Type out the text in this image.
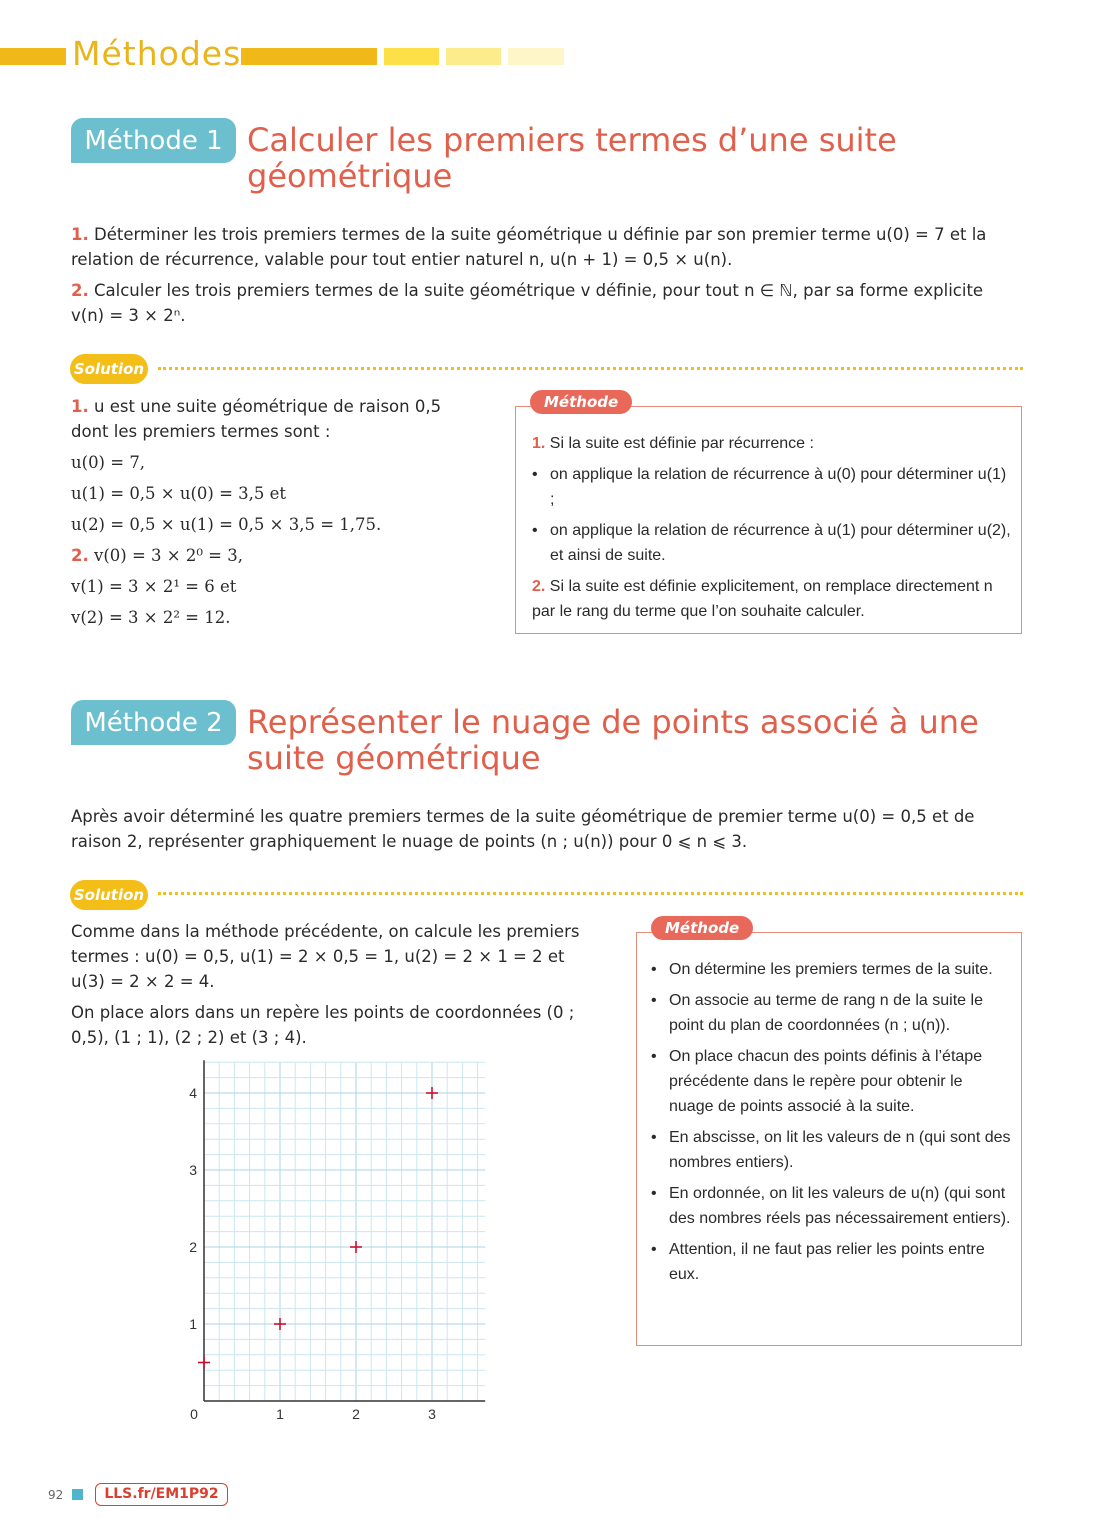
Méthodes
Méthode 1 Calculer les premiers termes d’une suite géométrique
1. Déterminer les trois premiers termes de la suite géométrique u définie par son premier terme u(0) = 7 et la relation de récurrence, valable pour tout entier naturel n, u(n + 1) = 0,5 × u(n).
2. Calculer les trois premiers termes de la suite géométrique v définie, pour tout n ∈ ℕ, par sa forme explicite v(n) = 3 × 2ⁿ.
Solution
1. u est une suite géométrique de raison 0,5 dont les premiers termes sont :
u(0) = 7,
u(1) = 0,5 × u(0) = 3,5 et
u(2) = 0,5 × u(1) = 0,5 × 3,5 = 1,75.
2. v(0) = 3 × 2⁰ = 3,
v(1) = 3 × 2¹ = 6 et
v(2) = 3 × 2² = 12.
Méthode
1. Si la suite est définie par récurrence :
• on applique la relation de récurrence à u(0) pour déterminer u(1) ;
• on applique la relation de récurrence à u(1) pour déterminer u(2), et ainsi de suite.
2. Si la suite est définie explicitement, on remplace directement n par le rang du terme que l’on souhaite calculer.
Méthode 2 Représenter le nuage de points associé à une suite géométrique
Après avoir déterminé les quatre premiers termes de la suite géométrique de premier terme u(0) = 0,5 et de raison 2, représenter graphiquement le nuage de points (n ; u(n)) pour 0 ⩽ n ⩽ 3.
Solution
Comme dans la méthode précédente, on calcule les premiers termes : u(0) = 0,5, u(1) = 2 × 0,5 = 1, u(2) = 2 × 1 = 2 et u(3) = 2 × 2 = 4.
On place alors dans un repère les points de coordonnées (0 ; 0,5), (1 ; 1), (2 ; 2) et (3 ; 4).
0	1	2	3
1
2
3
4
Méthode
• On détermine les premiers termes de la suite.
• On associe au terme de rang n de la suite le point du plan de coordonnées (n ; u(n)).
• On place chacun des points définis à l’étape précédente dans le repère pour obtenir le nuage de points associé à la suite.
• En abscisse, on lit les valeurs de n (qui sont des nombres entiers).
• En ordonnée, on lit les valeurs de u(n) (qui sont des nombres réels pas nécessairement entiers).
• Attention, il ne faut pas relier les points entre eux.
92	LLS.fr/EM1P92
